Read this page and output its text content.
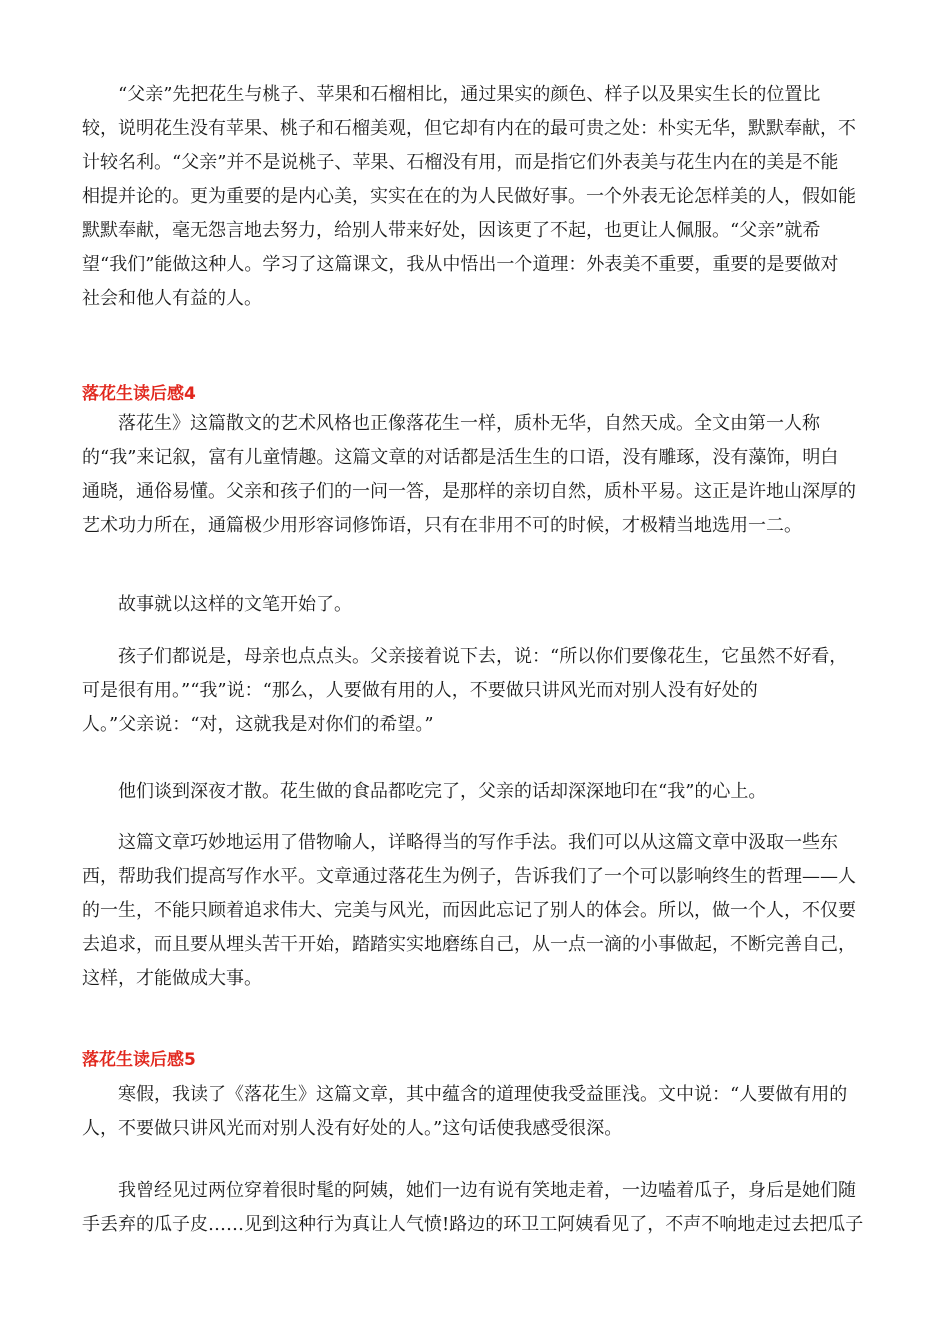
“父亲”先把花生与桃子、苹果和石榴相比，通过果实的颜色、样子以及果实生长的位置比
较，说明花生没有苹果、桃子和石榴美观，但它却有内在的最可贵之处：朴实无华，默默奉献，不
计较名利。“父亲”并不是说桃子、苹果、石榴没有用，而是指它们外表美与花生内在的美是不能
相提并论的。更为重要的是内心美，实实在在的为人民做好事。一个外表无论怎样美的人，假如能
默默奉献，毫无怨言地去努力，给别人带来好处，因该更了不起，也更让人佩服。“父亲”就希
望“我们”能做这种人。学习了这篇课文，我从中悟出一个道理：外表美不重要，重要的是要做对
社会和他人有益的人。
落花生读后感4
落花生》这篇散文的艺术风格也正像落花生一样，质朴无华，自然天成。全文由第一人称
的“我”来记叙，富有儿童情趣。这篇文章的对话都是活生生的口语，没有雕琢，没有藻饰，明白
通晓，通俗易懂。父亲和孩子们的一问一答，是那样的亲切自然，质朴平易。这正是许地山深厚的
艺术功力所在，通篇极少用形容词修饰语，只有在非用不可的时候，才极精当地选用一二。
故事就以这样的文笔开始了。
孩子们都说是，母亲也点点头。父亲接着说下去，说：“所以你们要像花生，它虽然不好看，
可是很有用。”“我”说：“那么，人要做有用的人，不要做只讲风光而对别人没有好处的
人。”父亲说：“对，这就我是对你们的希望。”
他们谈到深夜才散。花生做的食品都吃完了，父亲的话却深深地印在“我”的心上。
这篇文章巧妙地运用了借物喻人，详略得当的写作手法。我们可以从这篇文章中汲取一些东
西，帮助我们提高写作水平。文章通过落花生为例子，告诉我们了一个可以影响终生的哲理——人
的一生，不能只顾着追求伟大、完美与风光，而因此忘记了别人的体会。所以，做一个人，不仅要
去追求，而且要从埋头苦干开始，踏踏实实地磨练自己，从一点一滴的小事做起，不断完善自己，
这样，才能做成大事。
落花生读后感5
寒假，我读了《落花生》这篇文章，其中蕴含的道理使我受益匪浅。文中说：“人要做有用的
人，不要做只讲风光而对别人没有好处的人。”这句话使我感受很深。
我曾经见过两位穿着很时髦的阿姨，她们一边有说有笑地走着，一边嗑着瓜子，身后是她们随
手丢弃的瓜子皮……见到这种行为真让人气愤!路边的环卫工阿姨看见了，不声不响地走过去把瓜子
